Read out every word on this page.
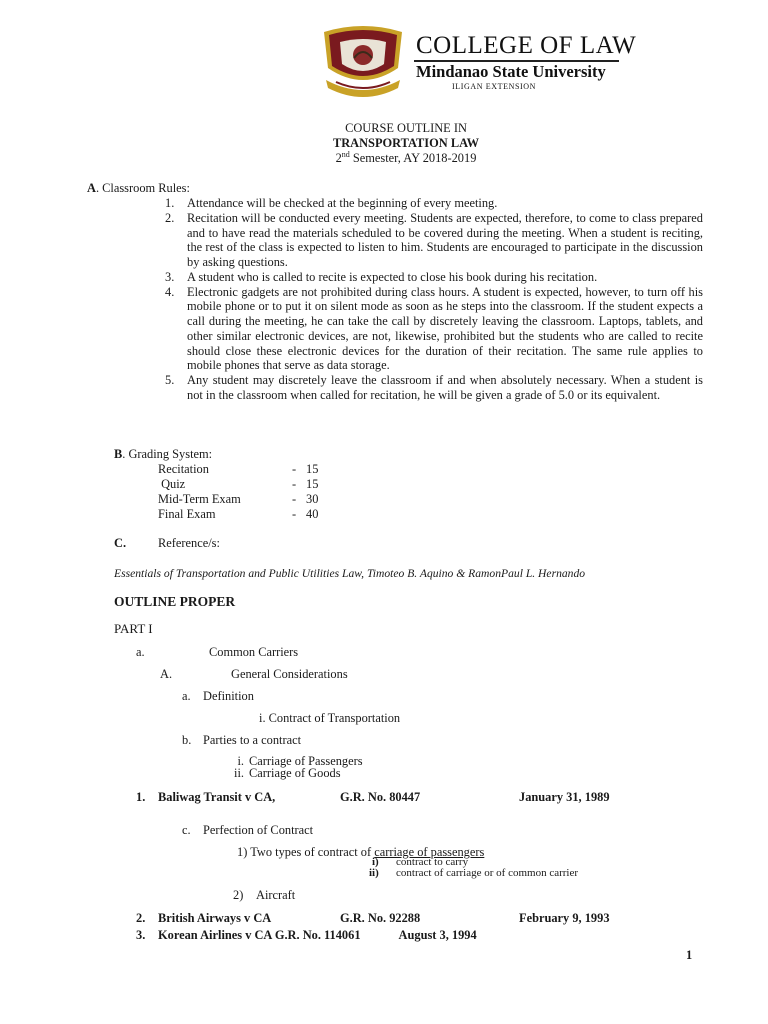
COLLEGE OF LAW
Mindanao State University
ILIGAN EXTENSION
COURSE OUTLINE IN
TRANSPORTATION LAW
2nd Semester, AY 2018-2019
A. Classroom Rules:
1. Attendance will be checked at the beginning of every meeting.
2. Recitation will be conducted every meeting. Students are expected, therefore, to come to class prepared and to have read the materials scheduled to be covered during the meeting. When a student is reciting, the rest of the class is expected to listen to him. Students are encouraged to participate in the discussion by asking questions.
3. A student who is called to recite is expected to close his book during his recitation.
4. Electronic gadgets are not prohibited during class hours. A student is expected, however, to turn off his mobile phone or to put it on silent mode as soon as he steps into the classroom. If the student expects a call during the meeting, he can take the call by discretely leaving the classroom. Laptops, tablets, and other similar electronic devices, are not, likewise, prohibited but the students who are called to recite should close these electronic devices for the duration of their recitation. The same rule applies to mobile phones that serve as data storage.
5. Any student may discretely leave the classroom if and when absolutely necessary. When a student is not in the classroom when called for recitation, he will be given a grade of 5.0 or its equivalent.
B. Grading System:
Recitation	-	15
Quiz	-	15
Mid-Term Exam	-	30
Final Exam	-	40
C.	Reference/s:
Essentials of Transportation and Public Utilities Law, Timoteo B. Aquino & RamonPaul L. Hernando
OUTLINE PROPER
PART I
a.	Common Carriers
A.	General Considerations
a. Definition
i. Contract of Transportation
b. Parties to a contract
i. Carriage of Passengers
ii. Carriage of Goods
1. Baliwag Transit v CA,	G.R. No. 80447	January 31, 1989
c. Perfection of Contract
1) Two types of contract of carriage of passengers
i) contract to carry
ii) contract of carriage or of common carrier
2) Aircraft
2. British Airways v CA	G.R. No. 92288	February 9, 1993
3. Korean Airlines v CA G.R. No. 114061	August 3, 1994
1
